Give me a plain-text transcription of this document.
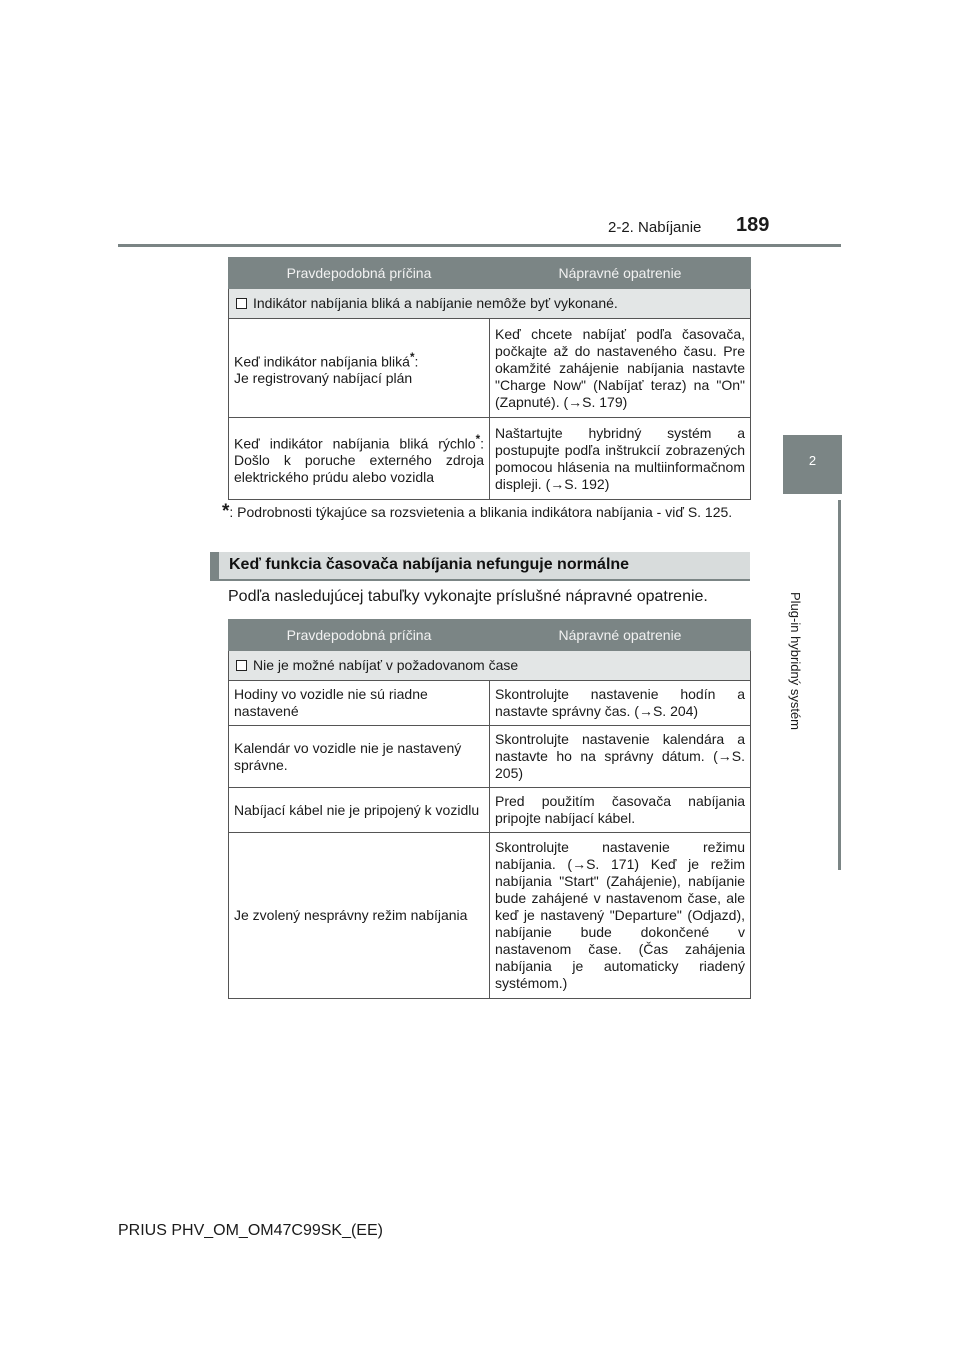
2-2. Nabíjanie 189
2
Plug-in hybridný systém
Pravdepodobná príčina	Nápravné opatrenie
Indikátor nabíjania bliká a nabíjanie nemôže byť vykonané.	
Keď indikátor nabíjania bliká*:
Je registrovaný nabíjací plán	Keď chcete nabíjať podľa časovača, počkajte až do nastaveného času. Pre okamžité zahájenie nabíjania nastavte "Charge Now" (Nabíjať teraz) na "On" (Zapnuté). (→S. 179)
Keď indikátor nabíjania bliká rýchlo*: Došlo k poruche externého zdroja elektrického prúdu alebo vozidla	Naštartujte hybridný systém a postupujte podľa inštrukcií zobrazených pomocou hlásenia na multiinformačnom displeji. (→S. 192)
*: Podrobnosti týkajúce sa rozsvietenia a blikania indikátora nabíjania - viď S. 125.
Keď funkcia časovača nabíjania nefunguje normálne
Podľa nasledujúcej tabuľky vykonajte príslušné nápravné opatrenie.
Pravdepodobná príčina	Nápravné opatrenie
Nie je možné nabíjať v požadovanom čase	
Hodiny vo vozidle nie sú riadne nastavené	Skontrolujte nastavenie hodín a nastavte správny čas. (→S. 204)
Kalendár vo vozidle nie je nastavený správne.	Skontrolujte nastavenie kalendára a nastavte ho na správny dátum. (→S. 205)
Nabíjací kábel nie je pripojený k vozidlu	Pred použitím časovača nabíjania pripojte nabíjací kábel.
Je zvolený nesprávny režim nabíjania	Skontrolujte nastavenie režimu nabíjania. (→S. 171) Keď je režim nabíjania "Start" (Zahájenie), nabíjanie bude zahájené v nastavenom čase, ale keď je nastavený "Departure" (Odjazd), nabíjanie bude dokončené v nastavenom čase. (Čas zahájenia nabíjania je automaticky riadený systémom.)
PRIUS PHV_OM_OM47C99SK_(EE)
